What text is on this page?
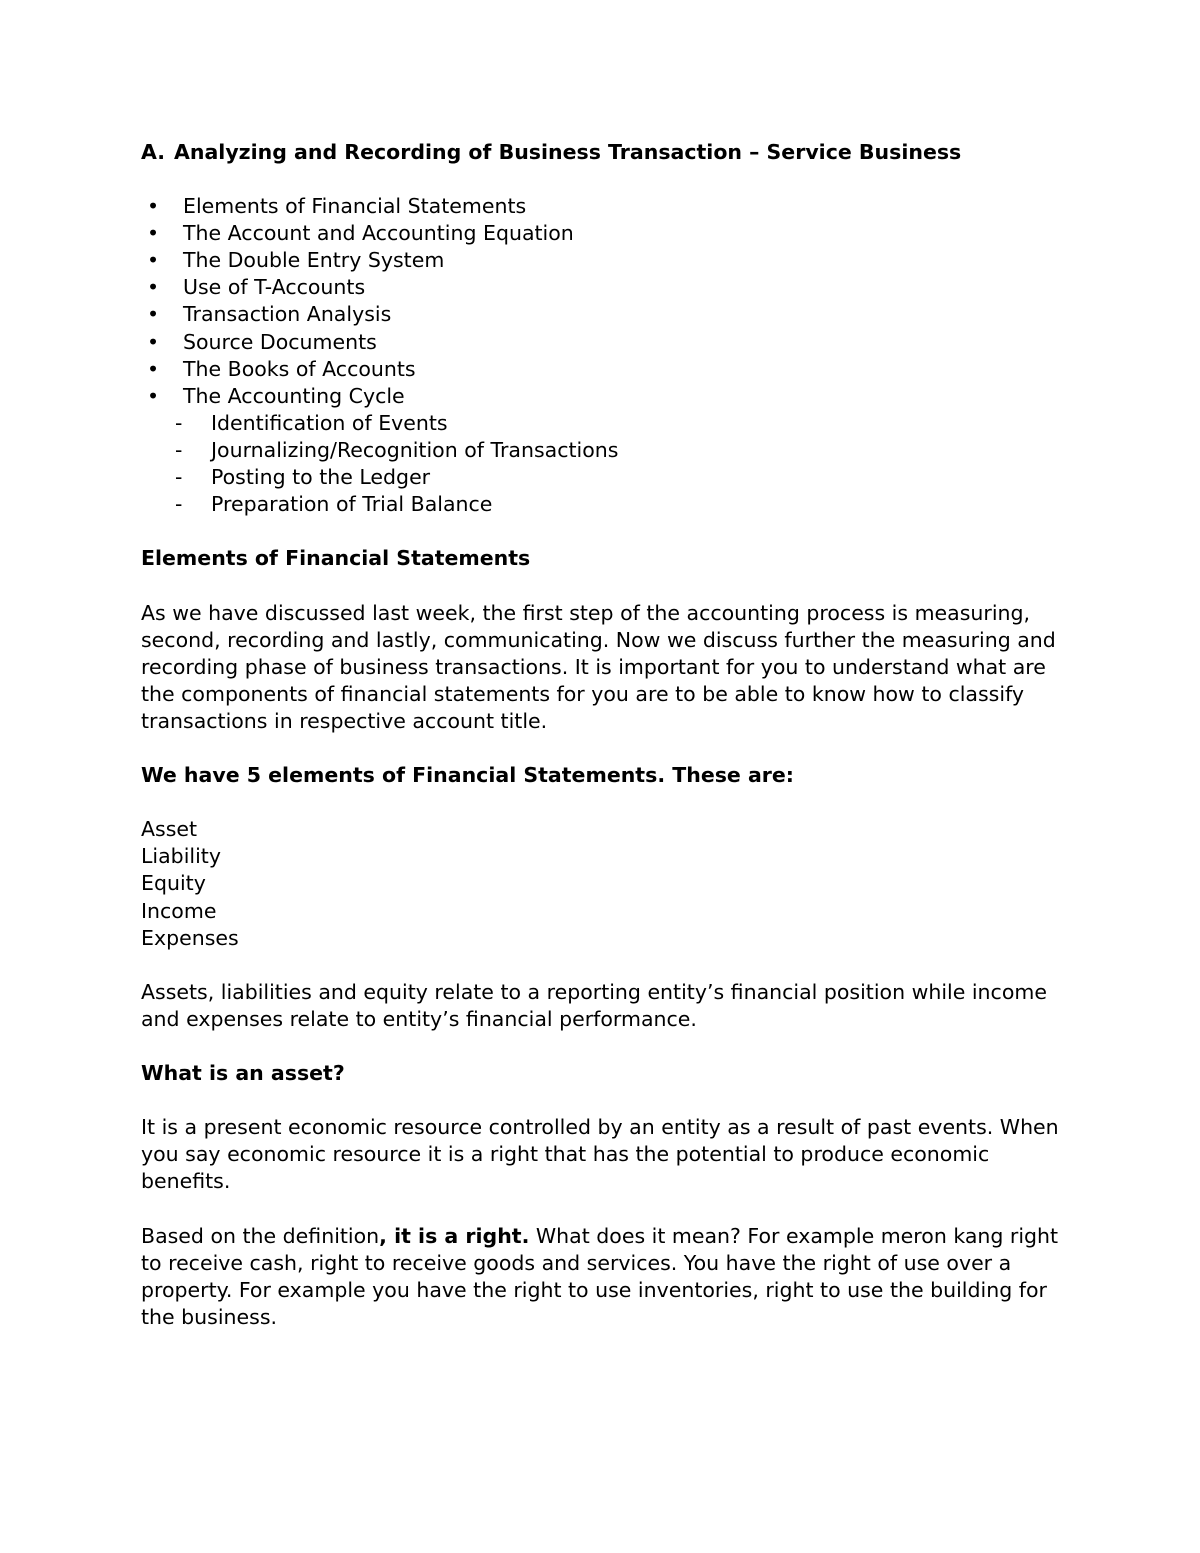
A. Analyzing and Recording of Business Transaction – Service Business
• Elements of Financial Statements
• The Account and Accounting Equation
• The Double Entry System
• Use of T-Accounts
• Transaction Analysis
• Source Documents
• The Books of Accounts
• The Accounting Cycle
- Identification of Events
- Journalizing/Recognition of Transactions
- Posting to the Ledger
- Preparation of Trial Balance
Elements of Financial Statements

As we have discussed last week, the first step of the accounting process is measuring, second, recording and lastly, communicating. Now we discuss further the measuring and recording phase of business transactions. It is important for you to understand what are the components of financial statements for you are to be able to know how to classify transactions in respective account title.

We have 5 elements of Financial Statements. These are:
Asset
Liability
Equity
Income
Expenses

Assets, liabilities and equity relate to a reporting entity’s financial position while income and expenses relate to entity’s financial performance.

What is an asset?

It is a present economic resource controlled by an entity as a result of past events. When you say economic resource it is a right that has the potential to produce economic benefits.

Based on the definition, it is a right. What does it mean? For example meron kang right to receive cash, right to receive goods and services. You have the right of use over a property. For example you have the right to use inventories, right to use the building for the business.
